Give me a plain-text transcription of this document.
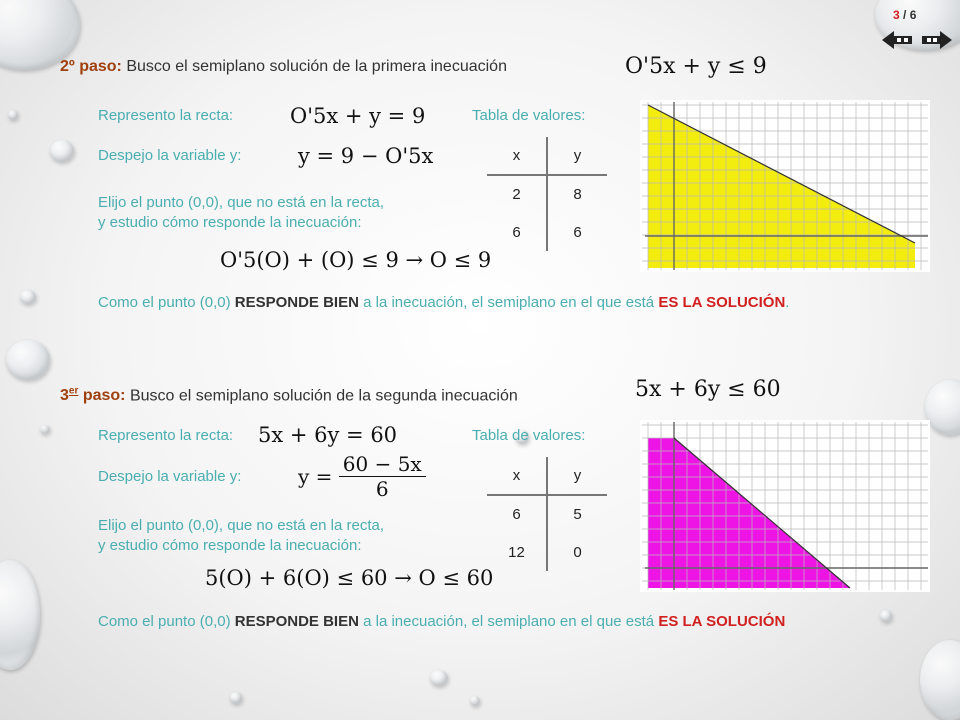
3 / 6
2º paso: Busco el semiplano solución de la primera inecuación	O'5x + y ≤ 9
Represento la recta:	O'5x + y = 9
Despejo la variable y:	y = 9 − O'5x
Elijo el punto (0,0), que no está en la recta,
y estudio cómo responde la inecuación:
O'5(O) + (O) ≤ 9 → O ≤ 9
Tabla de valores:
x	y
2	8
6	6
Como el punto (0,0) RESPONDE BIEN a la inecuación, el semiplano en el que está ES LA SOLUCIÓN.
3er paso: Busco el semiplano solución de la segunda inecuación	5x + 6y ≤ 60
Represento la recta: 5x + 6y = 60
Despejo la variable y:	$y = \frac{60 - 5x}{6}$
Elijo el punto (0,0), que no está en la recta,
y estudio cómo responde la inecuación:
5(O) + 6(O) ≤ 60 → O ≤ 60
Tabla de valores:
x	y
6	5
12	0
Como el punto (0,0) RESPONDE BIEN a la inecuación, el semiplano en el que está ES LA SOLUCIÓN
